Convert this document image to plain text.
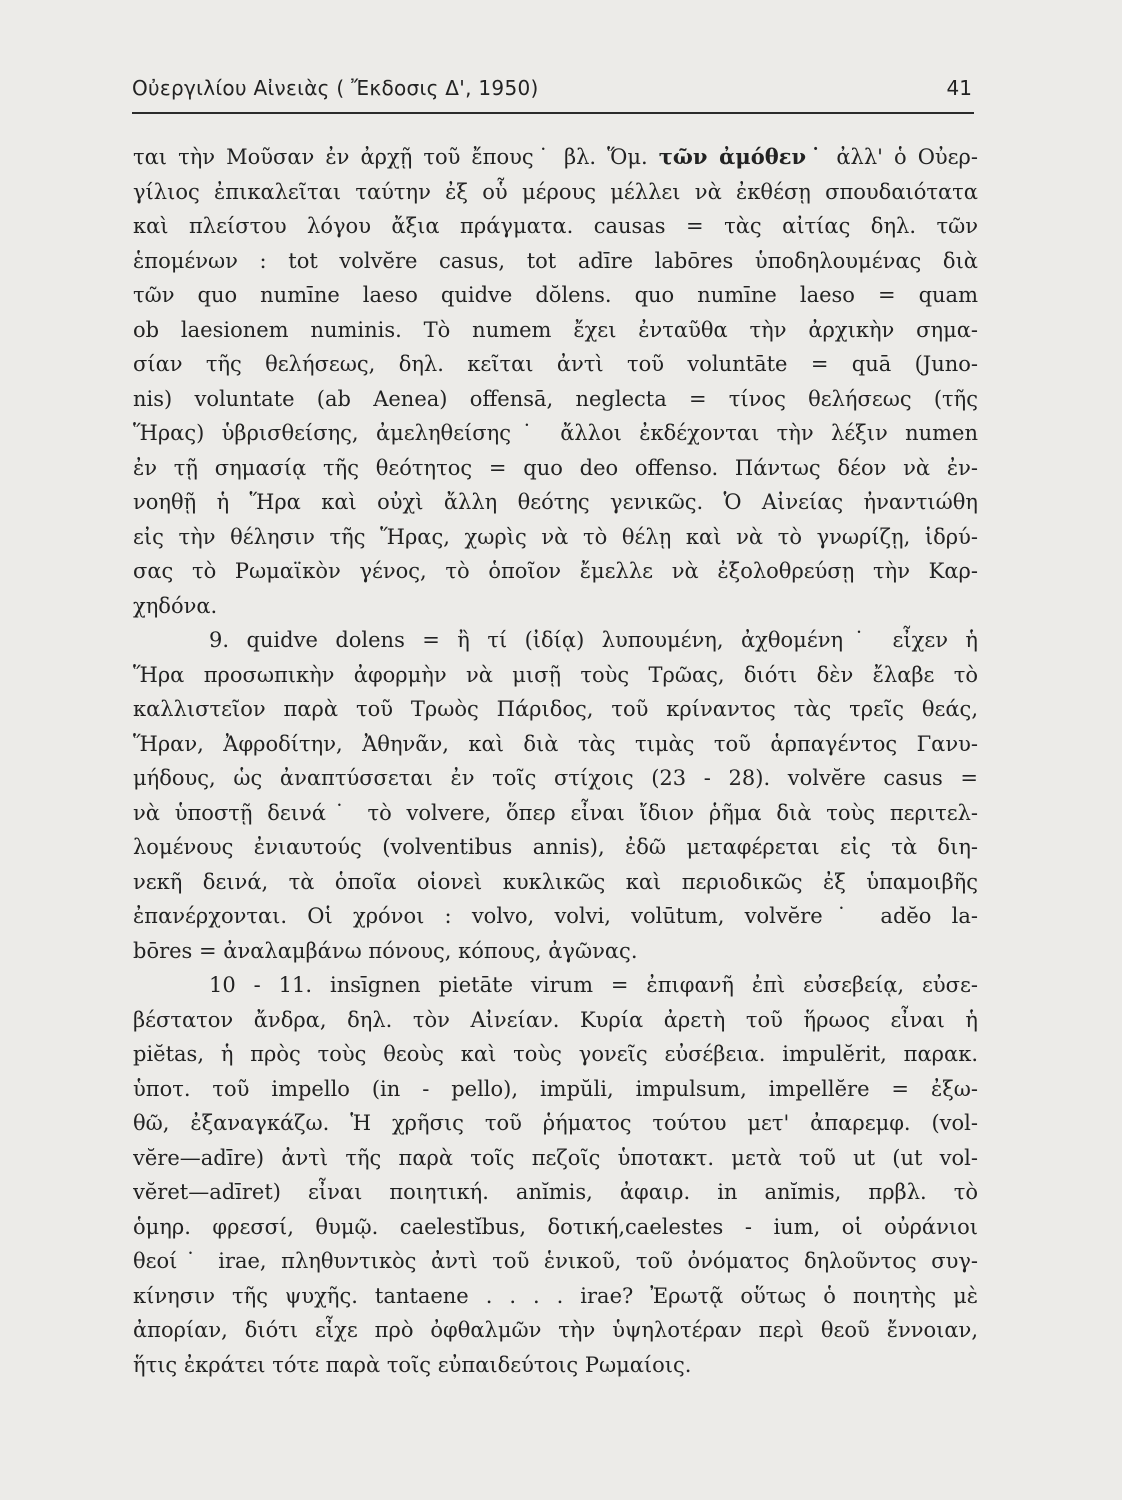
Οὐεργιλίου Αἰνειὰς ( Ἔκδοσις Δ', 1950)	41
ται τὴν Μοῦσαν ἐν ἀρχῇ τοῦ ἔπους˙ βλ. Ὅμ. τῶν ἀμόθεν˙ ἀλλ' ὁ Οὐερ-
γίλιος ἐπικαλεῖται ταύτην ἐξ οὗ μέρους μέλλει νὰ ἐκθέσῃ σπουδαιότατα
καὶ πλείστου λόγου ἄξια πράγματα. causas = τὰς αἰτίας δηλ. τῶν
ἑπομένων : tot volvĕre casus, tot adīre labōres ὑποδηλουμένας διὰ
τῶν quo numīne laeso quidve dŏlens. quo numīne laeso = quam
ob laesionem numinis. Τὸ numem ἔχει ἐνταῦθα τὴν ἀρχικὴν σημα-
σίαν τῆς θελήσεως, δηλ. κεῖται ἀντὶ τοῦ voluntāte = quā (Juno-
nis) voluntate (ab Aenea) offensā, neglecta = τίνος θελήσεως (τῆς
Ἥρας) ὑβρισθείσης, ἀμεληθείσης˙ ἄλλοι ἐκδέχονται τὴν λέξιν numen
ἐν τῇ σημασίᾳ τῆς θεότητος = quo deo offenso. Πάντως δέον νὰ ἐν-
νοηθῇ ἡ Ἥρα καὶ οὐχὶ ἄλλη θεότης γενικῶς. Ὁ Αἰνείας ἠναντιώθη
εἰς τὴν θέλησιν τῆς Ἥρας, χωρὶς νὰ τὸ θέλῃ καὶ νὰ τὸ γνωρίζῃ, ἱδρύ-
σας τὸ Ρωμαϊκὸν γένος, τὸ ὁποῖον ἔμελλε νὰ ἐξολοθρεύσῃ τὴν Καρ-
χηδόνα.
9. quidve dolens = ἢ τί (ἰδίᾳ) λυπουμένη, ἀχθομένη˙ εἶχεν ἡ
Ἥρα προσωπικὴν ἀφορμὴν νὰ μισῇ τοὺς Τρῶας, διότι δὲν ἔλαβε τὸ
καλλιστεῖον παρὰ τοῦ Τρωὸς Πάριδος, τοῦ κρίναντος τὰς τρεῖς θεάς,
Ἥραν, Ἀφροδίτην, Ἀθηνᾶν, καὶ διὰ τὰς τιμὰς τοῦ ἁρπαγέντος Γανυ-
μήδους, ὡς ἀναπτύσσεται ἐν τοῖς στίχοις (23 - 28). volvĕre casus =
νὰ ὑποστῇ δεινά˙ τὸ volvere, ὅπερ εἶναι ἴδιον ῥῆμα διὰ τοὺς περιτελ-
λομένους ἐνιαυτούς (volventibus annis), ἐδῶ μεταφέρεται εἰς τὰ διη-
νεκῆ δεινά, τὰ ὁποῖα οἱονεὶ κυκλικῶς καὶ περιοδικῶς ἐξ ὑπαμοιβῆς
ἐπανέρχονται. Οἱ χρόνοι : volvo, volvi, volūtum, volvĕre˙ adĕo la-
bōres = ἀναλαμβάνω πόνους, κόπους, ἀγῶνας.
10 - 11. insīgnen pietāte virum = ἐπιφανῆ ἐπὶ εὐσεβείᾳ, εὐσε-
βέστατον ἄνδρα, δηλ. τὸν Αἰνείαν. Κυρία ἀρετὴ τοῦ ἥρωος εἶναι ἡ
piĕtas, ἡ πρὸς τοὺς θεοὺς καὶ τοὺς γονεῖς εὐσέβεια. impulĕrit, παρακ.
ὑποτ. τοῦ impello (in - pello), impŭli, impulsum, impellĕre = ἐξω-
θῶ, ἐξαναγκάζω. Ἡ χρῆσις τοῦ ῥήματος τούτου μετ' ἀπαρεμφ. (vol-
vĕre—adīre) ἀντὶ τῆς παρὰ τοῖς πεζοῖς ὑποτακτ. μετὰ τοῦ ut (ut vol-
vĕret—adīret) εἶναι ποιητική. anĭmis, ἀφαιρ. in anĭmis, πρβλ. τὸ
ὁμηρ. φρεσσί, θυμῷ. caelestĭbus, δοτική,caelestes - ium, οἱ οὐράνιοι
θεοί˙ irae, πληθυντικὸς ἀντὶ τοῦ ἑνικοῦ, τοῦ ὀνόματος δηλοῦντος συγ-
κίνησιν τῆς ψυχῆς. tantaene . . . . irae? Ἐρωτᾷ οὕτως ὁ ποιητὴς μὲ
ἀπορίαν, διότι εἶχε πρὸ ὀφθαλμῶν τὴν ὑψηλοτέραν περὶ θεοῦ ἔννοιαν,
ἥτις ἐκράτει τότε παρὰ τοῖς εὐπαιδεύτοις Ρωμαίοις.
